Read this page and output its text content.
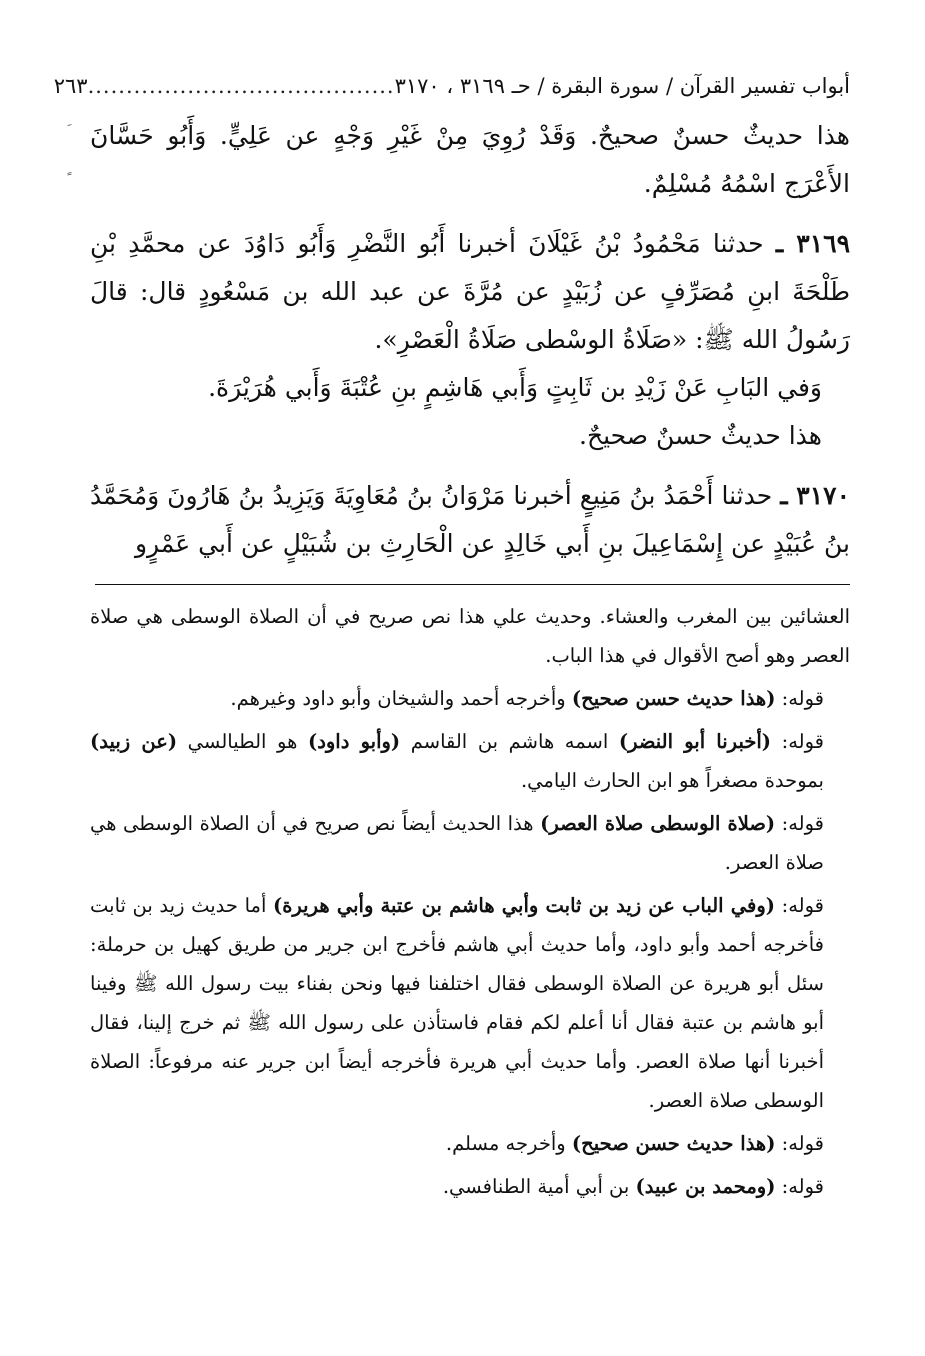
أبواب تفسير القرآن / سورة البقرة / حـ ٣١٦٩ ، ٣١٧٠
........................................
٢٦٣

هذا حديثٌ حسنٌ صحيحٌ. وَقَدْ رُوِيَ مِنْ غَيْرِ وَجْهٍ عن عَلِيٍّ. وَأَبُو حَسَّانَ الأَعْرَج اسْمُهُ مُسْلِمٌ.

٣١٦٩ ـ حدثنا مَحْمُودُ بْنُ غَيْلَانَ أخبرنا أَبُو النَّضْرِ وَأَبُو دَاوُدَ عن محمَّدِ بْنِ طَلْحَةَ ابنِ مُصَرِّفٍ عن زُبَيْدٍ عن مُرَّةَ عن عبد الله بن مَسْعُودٍ قال: قالَ رَسُولُ الله ﷺ: «صَلَاةُ الوسْطى صَلَاةُ الْعَصْرِ».

وَفي البَابِ عَنْ زَيْدِ بن ثَابِتٍ وَأَبي هَاشِمٍ بنِ عُتْبَةَ وَأَبي هُرَيْرَةَ.

هذا حديثٌ حسنٌ صحيحٌ.

٣١٧٠ ـ حدثنا أَحْمَدُ بنُ مَنِيعٍ أخبرنا مَرْوَانُ بنُ مُعَاوِيَةَ وَيَزِيدُ بنُ هَارُونَ وَمُحَمَّدُ بنُ عُبَيْدٍ عن إِسْمَاعِيلَ بنِ أَبي خَالِدٍ عن الْحَارِثِ بن شُبَيْلٍ عن أَبي عَمْرٍو

العشائين بين المغرب والعشاء. وحديث علي هذا نص صريح في أن الصلاة الوسطى هي صلاة العصر وهو أصح الأقوال في هذا الباب.

قوله: (هذا حديث حسن صحيح) وأخرجه أحمد والشيخان وأبو داود وغيرهم.

قوله: (أخبرنا أبو النضر) اسمه هاشم بن القاسم (وأبو داود) هو الطيالسي (عن زبيد) بموحدة مصغراً هو ابن الحارث اليامي.

قوله: (صلاة الوسطى صلاة العصر) هذا الحديث أيضاً نص صريح في أن الصلاة الوسطى هي صلاة العصر.

قوله: (وفي الباب عن زيد بن ثابت وأبي هاشم بن عتبة وأبي هريرة) أما حديث زيد بن ثابت فأخرجه أحمد وأبو داود، وأما حديث أبي هاشم فأخرج ابن جرير من طريق كهيل بن حرملة: سئل أبو هريرة عن الصلاة الوسطى فقال اختلفنا فيها ونحن بفناء بيت رسول الله ﷺ وفينا أبو هاشم بن عتبة فقال أنا أعلم لكم فقام فاستأذن على رسول الله ﷺ ثم خرج إلينا، فقال أخبرنا أنها صلاة العصر. وأما حديث أبي هريرة فأخرجه أيضاً ابن جرير عنه مرفوعاً: الصلاة الوسطى صلاة العصر.

قوله: (هذا حديث حسن صحيح) وأخرجه مسلم.

قوله: (ومحمد بن عبيد) بن أبي أمية الطنافسي.
